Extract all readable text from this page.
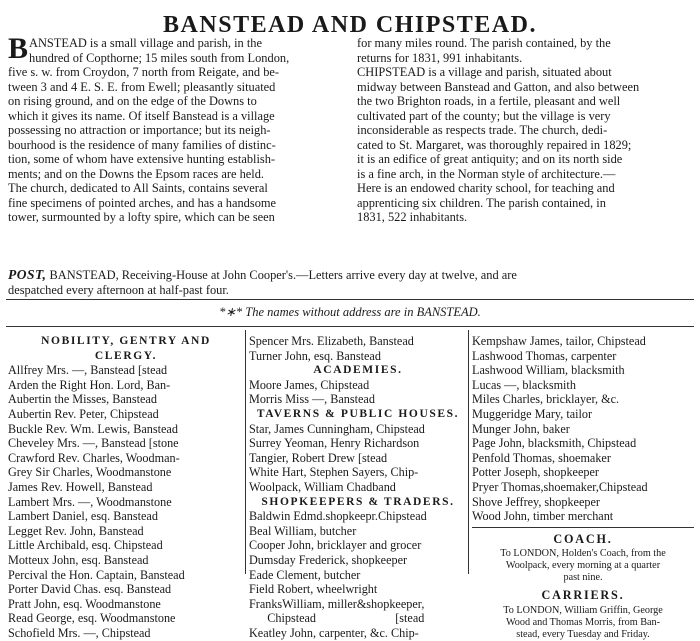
BANSTEAD AND CHIPSTEAD.
B ANSTEAD is a small village and parish, in the
hundred of Copthorne; 15 miles south from London,
five s. w. from Croydon, 7 north from Reigate, and be-
tween 3 and 4 E. S. E. from Ewell; pleasantly situated
on rising ground, and on the edge of the Downs to
which it gives its name. Of itself Banstead is a village
possessing no attraction or importance; but its neigh-
bourhood is the residence of many families of distinc-
tion, some of whom have extensive hunting establish-
ments; and on the Downs the Epsom races are held.
The church, dedicated to All Saints, contains several
fine specimens of pointed arches, and has a handsome
tower, surmounted by a lofty spire, which can be seen
for many miles round. The parish contained, by the
returns for 1831, 991 inhabitants.
CHIPSTEAD is a village and parish, situated about
midway between Banstead and Gatton, and also between
the two Brighton roads, in a fertile, pleasant and well
cultivated part of the county; but the village is very
inconsiderable as respects trade. The church, dedi-
cated to St. Margaret, was thoroughly repaired in 1829;
it is an edifice of great antiquity; and on its north side
is a fine arch, in the Norman style of architecture.—
Here is an endowed charity school, for teaching and
apprenticing six children. The parish contained, in
1831, 522 inhabitants.
POST, BANSTEAD, Receiving-House at John Cooper's.—Letters arrive every day at twelve, and are
despatched every afternoon at half-past four.
*∗* The names without address are in BANSTEAD.
NOBILITY, GENTRY AND
CLERGY.
Allfrey Mrs. —, Banstead [stead
Arden the Right Hon. Lord, Ban-
Aubertin the Misses, Banstead
Aubertin Rev. Peter, Chipstead
Buckle Rev. Wm. Lewis, Banstead
Cheveley Mrs. —, Banstead [stone
Crawford Rev. Charles, Woodman-
Grey Sir Charles, Woodmanstone
James Rev. Howell, Banstead
Lambert Mrs. —, Woodmanstone
Lambert Daniel, esq. Banstead
Legget Rev. John, Banstead
Little Archibald, esq. Chipstead
Motteux John, esq. Banstead
Percival the Hon. Captain, Banstead
Porter David Chas. esq. Banstead
Pratt John, esq. Woodmanstone
Read George, esq. Woodmanstone
Schofield Mrs. —, Chipstead
Spencer Mrs. Elizabeth, Banstead
Turner John, esq. Banstead
ACADEMIES.
Moore James, Chipstead
Morris Miss —, Banstead
TAVERNS & PUBLIC HOUSES.
Star, James Cunningham, Chipstead
Surrey Yeoman, Henry Richardson
Tangier, Robert Drew [stead
White Hart, Stephen Sayers, Chip-
Woolpack, William Chadband
SHOPKEEPERS & TRADERS.
Baldwin Edmd.shopkeepr.Chipstead
Beal William, butcher
Cooper John, bricklayer and grocer
Dumsday Frederick, shopkeeper
Eade Clement, butcher
Field Robert, wheelwright
FranksWilliam, miller&shopkeeper,
Chipstead                          [stead
Keatley John, carpenter, &c. Chip-
Kempshaw James, tailor, Chipstead
Lashwood Thomas, carpenter
Lashwood William, blacksmith
Lucas —, blacksmith
Miles Charles, bricklayer, &c.
Muggeridge Mary, tailor
Munger John, baker
Page John, blacksmith, Chipstead
Penfold Thomas, shoemaker
Potter Joseph, shopkeeper
Pryer Thomas,shoemaker,Chipstead
Shove Jeffrey, shopkeeper
Wood John, timber merchant
COACH.
To LONDON, Holden's Coach, from the
Woolpack, every morning at a quarter
past nine.
CARRIERS.
To LONDON, William Griffin, George
Wood and Thomas Morris, from Ban-
stead, every Tuesday and Friday.
